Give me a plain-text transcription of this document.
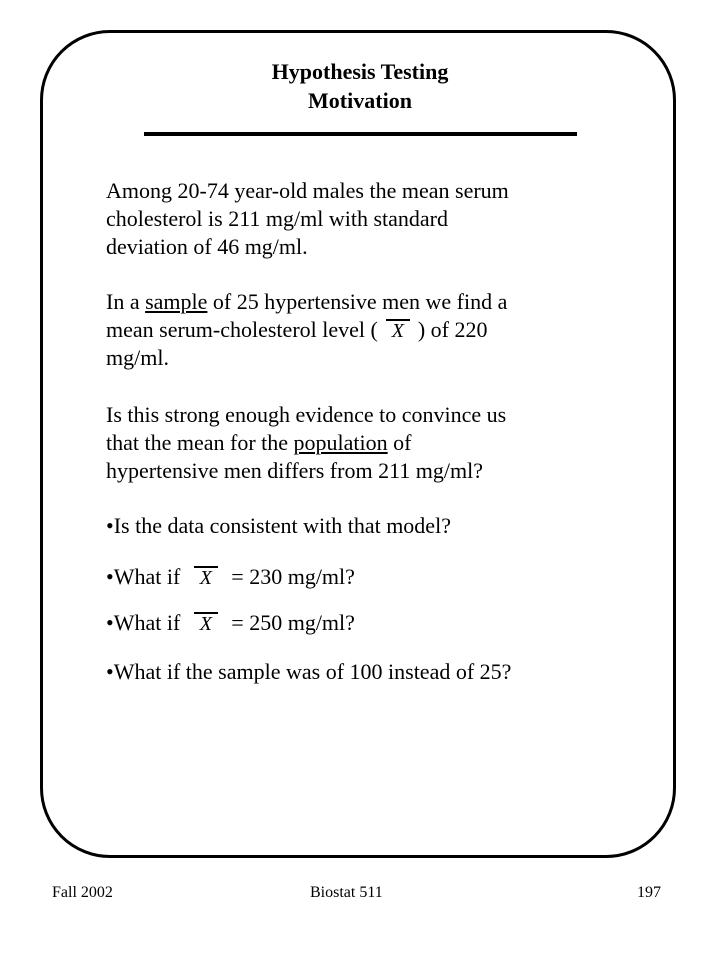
Hypothesis Testing
Motivation
Among 20-74 year-old males the mean serum
cholesterol is 211 mg/ml with standard
deviation of 46 mg/ml.
In a sample of 25 hypertensive men we find a
mean serum-cholesterol level ( X ) of 220
mg/ml.
Is this strong enough evidence to convince us
that the mean for the population of
hypertensive men differs from 211 mg/ml?
•Is the data consistent with that model?
•What if X = 230 mg/ml?
•What if X = 250 mg/ml?
•What if the sample was of 100 instead of 25?
Fall 2002	Biostat 511	197
